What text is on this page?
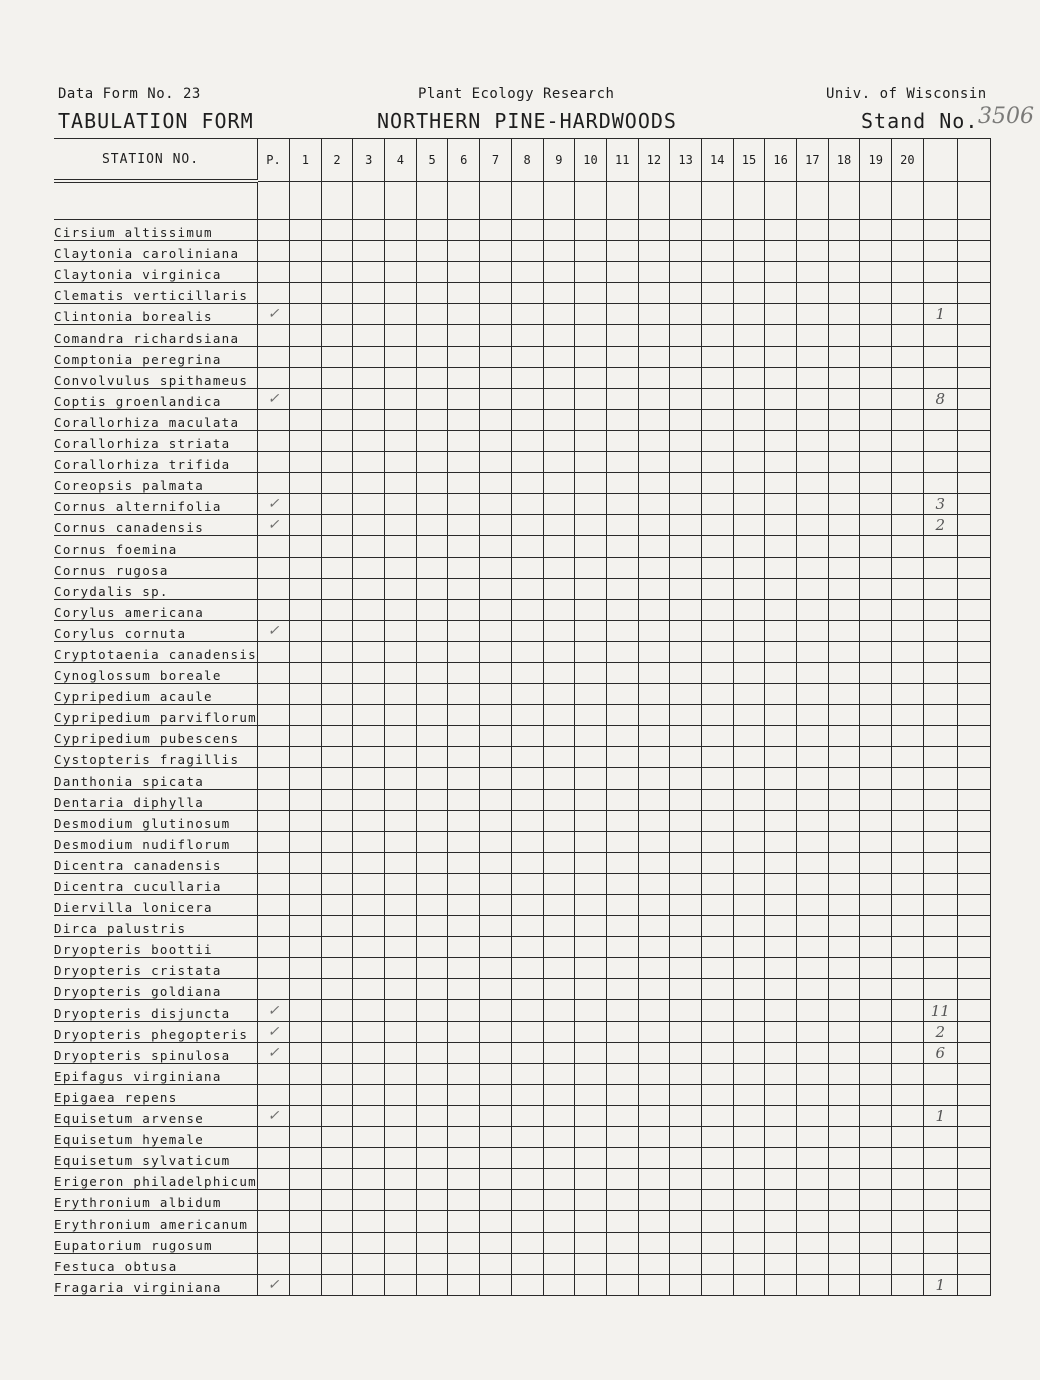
Data Form No. 23	Plant Ecology Research	Univ. of Wisconsin
TABULATION FORM	NORTHERN PINE-HARDWOODS	Stand No. 3506
STATION NO.	P.	1	2	3	4	5	6	7	8	9	10	11	12	13	14	15	16	17	18	19	20		

Cirsium altissimum	

Claytonia caroliniana	

Claytonia virginica	

Clematis verticillaris	

Clintonia borealis	✓																					1	

Comandra richardsiana	

Comptonia peregrina	

Convolvulus spithameus	

Coptis groenlandica	✓																					8	

Corallorhiza maculata	

Corallorhiza striata	

Corallorhiza trifida	

Coreopsis palmata	

Cornus alternifolia	✓																					3	

Cornus canadensis	✓																					2	

Cornus foemina	

Cornus rugosa	

Corydalis sp.	

Corylus americana	

Corylus cornuta	✓																						

Cryptotaenia canadensis	

Cynoglossum boreale	

Cypripedium acaule	

Cypripedium parviflorum	

Cypripedium pubescens	

Cystopteris fragillis	

Danthonia spicata	

Dentaria diphylla	

Desmodium glutinosum	

Desmodium nudiflorum	

Dicentra canadensis	

Dicentra cucullaria	

Diervilla lonicera	

Dirca palustris	

Dryopteris boottii	

Dryopteris cristata	

Dryopteris goldiana	

Dryopteris disjuncta	✓																					11	

Dryopteris phegopteris	✓																					2	

Dryopteris spinulosa	✓																					6	

Epifagus virginiana	

Epigaea repens	

Equisetum arvense	✓																					1	

Equisetum hyemale	

Equisetum sylvaticum	

Erigeron philadelphicum	

Erythronium albidum	

Erythronium americanum	

Eupatorium rugosum	

Festuca obtusa	

Fragaria virginiana	✓																					1	
